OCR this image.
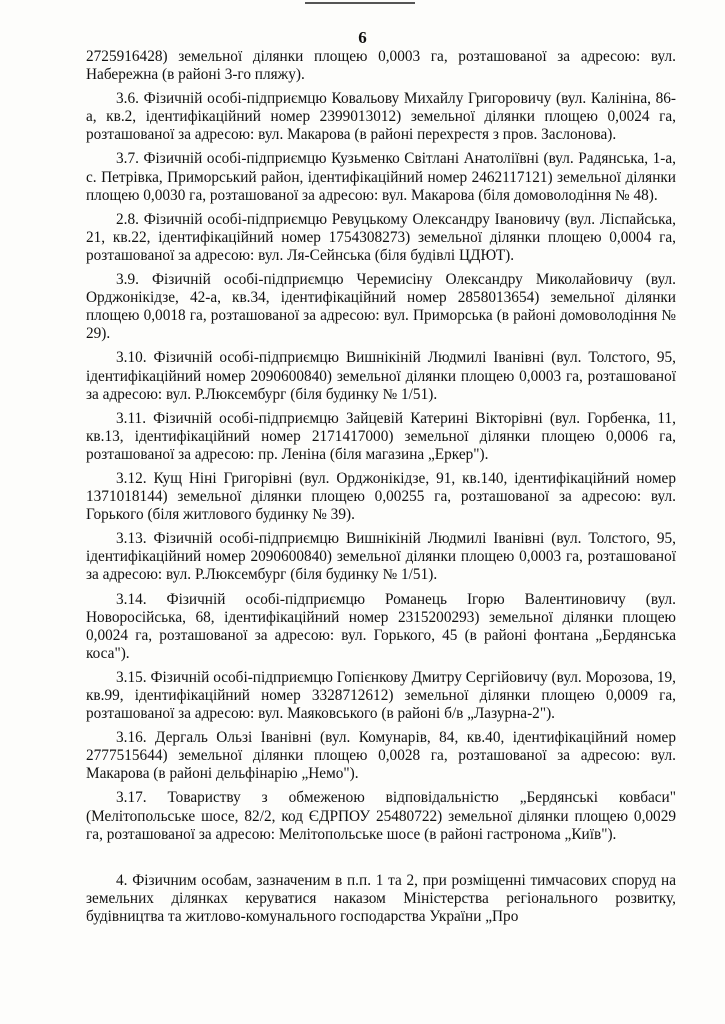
6

2725916428) земельної ділянки площею 0,0003 га, розташованої за адресою: вул. Набережна (в районі 3-го пляжу).

3.6. Фізичній особі-підприємцю Ковальову Михайлу Григоровичу (вул. Калініна, 86-а, кв.2, ідентифікаційний номер 2399013012) земельної ділянки площею 0,0024 га, розташованої за адресою: вул. Макарова (в районі перехрестя з пров. Заслонова).

3.7. Фізичній особі-підприємцю Кузьменко Світлані Анатоліївні (вул. Радянська, 1-а, с. Петрівка, Приморський район, ідентифікаційний номер 2462117121) земельної ділянки площею 0,0030 га, розташованої за адресою: вул. Макарова (біля домоволодіння № 48).

2.8. Фізичній особі-підприємцю Ревуцькому Олександру Івановичу (вул. Ліспайська, 21, кв.22, ідентифікаційний номер 1754308273) земельної ділянки площею 0,0004 га, розташованої за адресою: вул. Ля-Сейнська (біля будівлі ЦДЮТ).

3.9. Фізичній особі-підприємцю Черемисіну Олександру Миколайовичу (вул. Орджонікідзе, 42-а, кв.34, ідентифікаційний номер 2858013654) земельної ділянки площею 0,0018 га, розташованої за адресою: вул. Приморська (в районі домоволодіння № 29).

3.10. Фізичній особі-підприємцю Вишнікіній Людмилі Іванівні (вул. Толстого, 95, ідентифікаційний номер 2090600840) земельної ділянки площею 0,0003 га, розташованої за адресою: вул. Р.Люксембург (біля будинку № 1/51).

3.11. Фізичній особі-підприємцю Зайцевій Катерині Вікторівні (вул. Горбенка, 11, кв.13, ідентифікаційний номер 2171417000) земельної ділянки площею 0,0006 га, розташованої за адресою: пр. Леніна (біля магазина „Еркер").

3.12. Кущ Ніні Григорівні (вул. Орджонікідзе, 91, кв.140, ідентифікаційний номер 1371018144) земельної ділянки площею 0,00255 га, розташованої за адресою: вул. Горького (біля житлового будинку № 39).

3.13. Фізичній особі-підприємцю Вишнікіній Людмилі Іванівні (вул. Толстого, 95, ідентифікаційний номер 2090600840) земельної ділянки площею 0,0003 га, розташованої за адресою: вул. Р.Люксембург (біля будинку № 1/51).

3.14. Фізичній особі-підприємцю Романець Ігорю Валентиновичу (вул. Новоросійська, 68, ідентифікаційний номер 2315200293) земельної ділянки площею 0,0024 га, розташованої за адресою: вул. Горького, 45 (в районі фонтана „Бердянська коса").

3.15. Фізичній особі-підприємцю Гопієнкову Дмитру Сергійовичу (вул. Морозова, 19, кв.99, ідентифікаційний номер 3328712612) земельної ділянки площею 0,0009 га, розташованої за адресою: вул. Маяковського (в районі б/в „Лазурна-2").

3.16. Дергаль Ользі Іванівні (вул. Комунарів, 84, кв.40, ідентифікаційний номер 2777515644) земельної ділянки площею 0,0028 га, розташованої за адресою: вул. Макарова (в районі дельфінарію „Немо").

3.17. Товариству з обмеженою відповідальністю „Бердянські ковбаси" (Мелітопольське шосе, 82/2, код ЄДРПОУ 25480722) земельної ділянки площею 0,0029 га, розташованої за адресою: Мелітопольське шосе (в районі гастронома „Київ").

4. Фізичним особам, зазначеним в п.п. 1 та 2, при розміщенні тимчасових споруд на земельних ділянках керуватися наказом Міністерства регіонального розвитку, будівництва та житлово-комунального господарства України „Про
